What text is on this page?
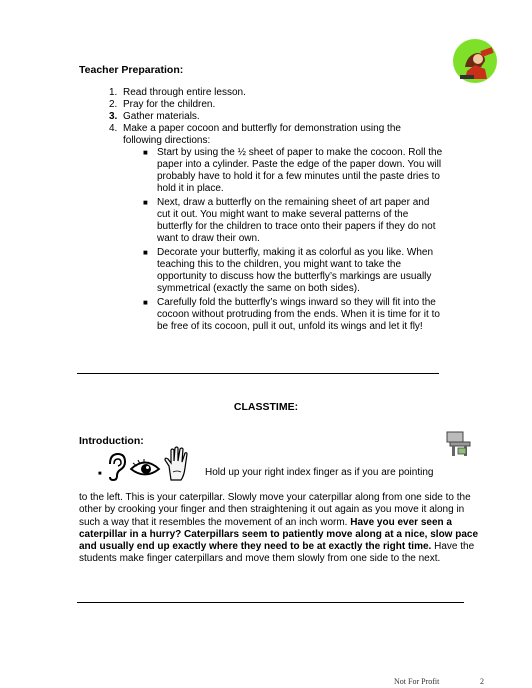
Teacher Preparation:
1. Read through entire lesson.
2. Pray for the children.
3. Gather materials.
4. Make a paper cocoon and butterfly for demonstration using the following directions:
■ Start by using the ½ sheet of paper to make the cocoon. Roll the paper into a cylinder. Paste the edge of the paper down. You will probably have to hold it for a few minutes until the paste dries to hold it in place.
■ Next, draw a butterfly on the remaining sheet of art paper and cut it out. You might want to make several patterns of the butterfly for the children to trace onto their papers if they do not want to draw their own.
■ Decorate your butterfly, making it as colorful as you like. When teaching this to the children, you might want to take the opportunity to discuss how the butterfly’s markings are usually symmetrical (exactly the same on both sides).
■ Carefully fold the butterfly’s wings inward so they will fit into the cocoon without protruding from the ends. When it is time for it to be free of its cocoon, pull it out, unfold its wings and let it fly!
CLASSTIME:
Introduction:
■	Hold up your right index finger as if you are pointing
to the left. This is your caterpillar. Slowly move your caterpillar along from one side to the other by crooking your finger and then straightening it out again as you move it along in such a way that it resembles the movement of an inch worm. Have you ever seen a caterpillar in a hurry? Caterpillars seem to patiently move along at a nice, slow pace and usually end up exactly where they need to be at exactly the right time. Have the students make finger caterpillars and move them slowly from one side to the next.
Not For Profit	2
